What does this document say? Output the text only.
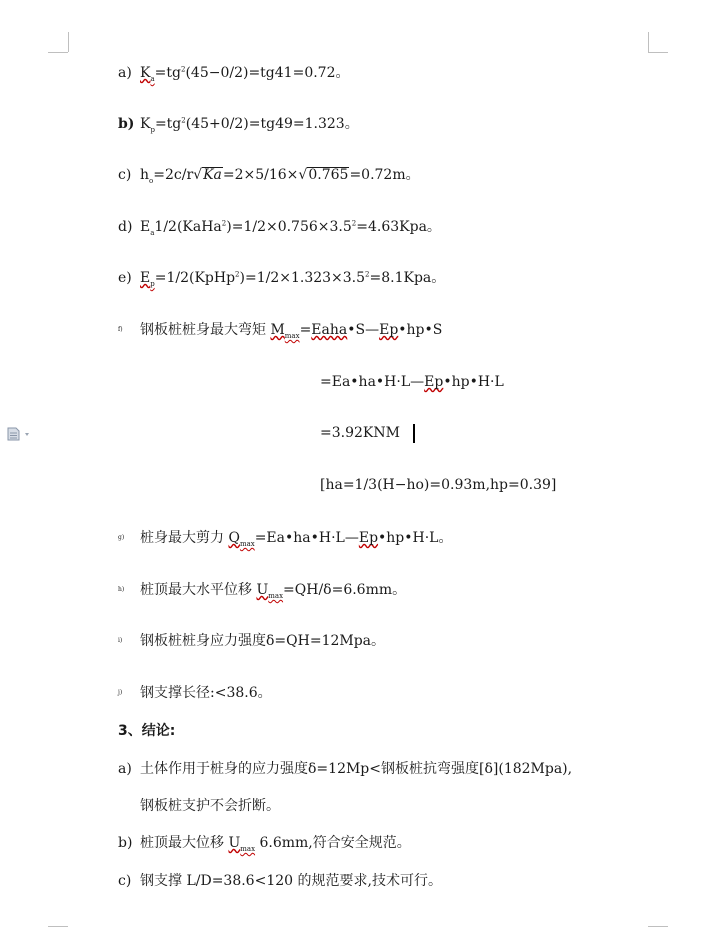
a) $K_a=tg^2(45-0/2)=tg41=0.72$。
b) $K_p=tg^2(45+0/2)=tg49=1.323$。
c) $h_o=2c/r√Ka=2\times 5/16\times√0.765=0.72m$。
d) $E_a1/2(KaHa^2)=1/2\times 0.756\times 3.5^2=4.63Kpa$。
e) $E_p=1/2(KpHp^2)=1/2\times 1.323\times 3.5^2=8.1Kpa$。
f) 钢板桩桩身最大弯矩 $M_{max}=Eaha•S—Ep•hp•S$
=Ea•ha•H·L—Ep•hp•H·L
=3.92KNM
[ha=1/3(H−ho)=0.93m,hp=0.39]
g) 桩身最大剪力 $Q_{max}=Ea•ha•H\cdot L—Ep•hp•H\cdot L$。
h) 桩顶最大水平位移 $U_{max}=QH/\delta=6.6mm$。
i) 钢板桩桩身应力强度δ=QH=12Mpa。
j) 钢支撑长径:<38.6。
3、结论:
a) 土体作用于桩身的应力强度δ=12Mp<钢板桩抗弯强度[δ](182Mpa),
钢板桩支护不会折断。
b) 桩顶最大位移 $U_{max}$ 6.6mm,符合安全规范。
c) 钢支撑 L/D=38.6<120 的规范要求,技术可行。
